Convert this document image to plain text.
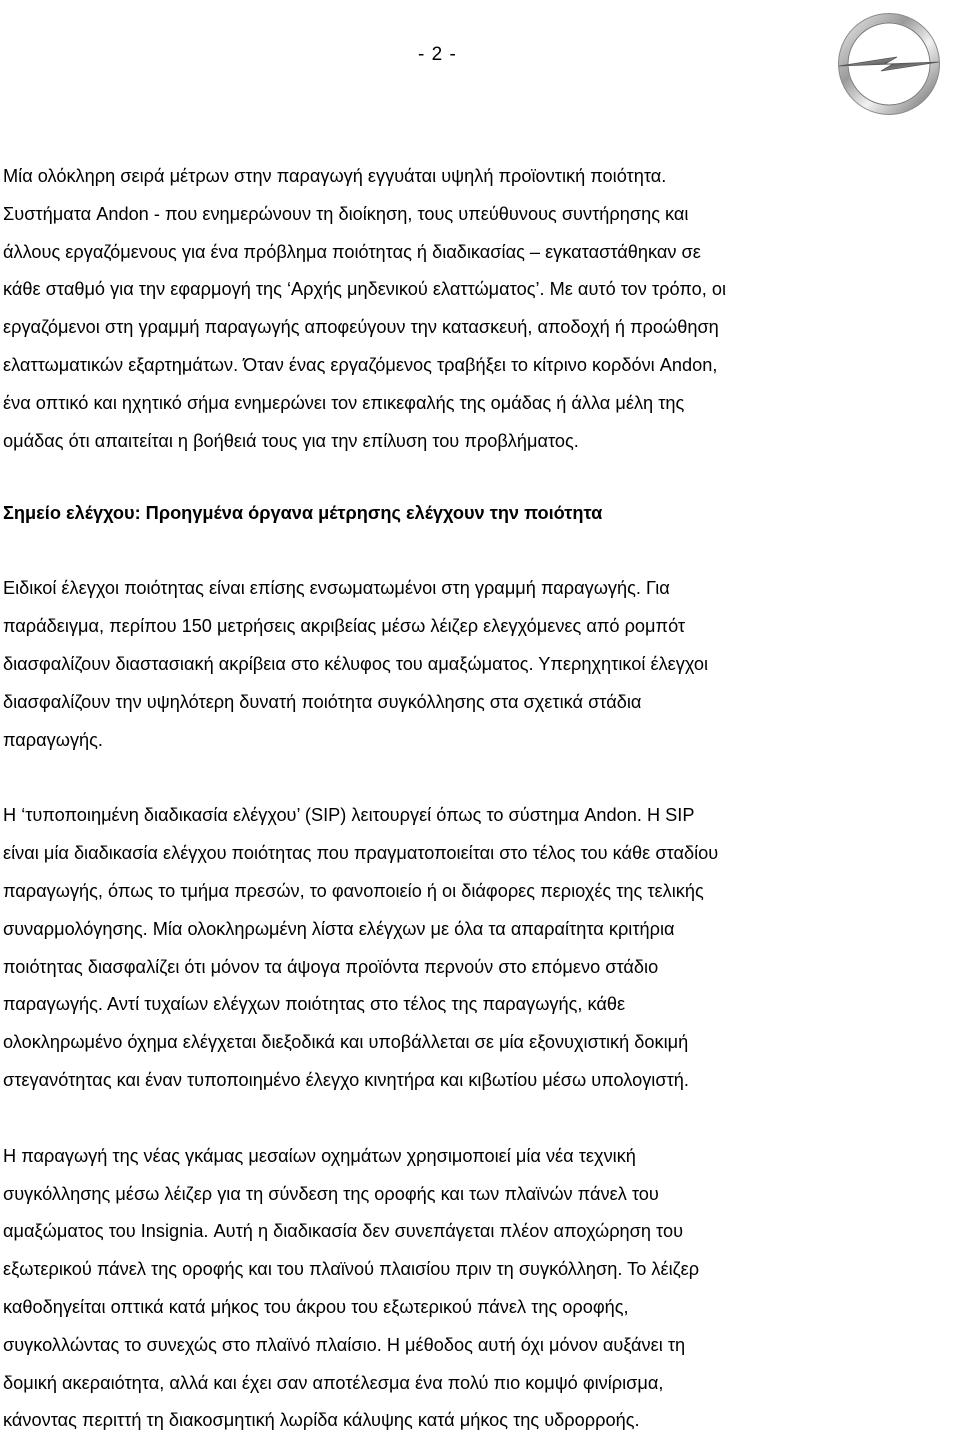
- 2 -
Μία ολόκληρη σειρά μέτρων στην παραγωγή εγγυάται υψηλή προϊοντική ποιότητα.
Συστήματα Andon - που ενημερώνουν τη διοίκηση, τους υπεύθυνους συντήρησης και
άλλους εργαζόμενους για ένα πρόβλημα ποιότητας ή διαδικασίας – εγκαταστάθηκαν σε
κάθε σταθμό για την εφαρμογή της ‘Αρχής μηδενικού ελαττώματος’. Με αυτό τον τρόπο, οι
εργαζόμενοι στη γραμμή παραγωγής αποφεύγουν την κατασκευή, αποδοχή ή προώθηση
ελαττωματικών εξαρτημάτων. Όταν ένας εργαζόμενος τραβήξει το κίτρινο κορδόνι Andon,
ένα οπτικό και ηχητικό σήμα ενημερώνει τον επικεφαλής της ομάδας ή άλλα μέλη της
ομάδας ότι απαιτείται η βοήθειά τους για την επίλυση του προβλήματος.
Σημείο ελέγχου: Προηγμένα όργανα μέτρησης ελέγχουν την ποιότητα
Ειδικοί έλεγχοι ποιότητας είναι επίσης ενσωματωμένοι στη γραμμή παραγωγής. Για
παράδειγμα, περίπου 150 μετρήσεις ακριβείας μέσω λέιζερ ελεγχόμενες από ρομπότ
διασφαλίζουν διαστασιακή ακρίβεια στο κέλυφος του αμαξώματος. Υπερηχητικοί έλεγχοι
διασφαλίζουν την υψηλότερη δυνατή ποιότητα συγκόλλησης στα σχετικά στάδια
παραγωγής.
Η ‘τυποποιημένη διαδικασία ελέγχου’ (SIP) λειτουργεί όπως το σύστημα Andon. Η SIP
είναι μία διαδικασία ελέγχου ποιότητας που πραγματοποιείται στο τέλος του κάθε σταδίου
παραγωγής, όπως το τμήμα πρεσών, το φανοποιείο ή οι διάφορες περιοχές της τελικής
συναρμολόγησης. Μία ολοκληρωμένη λίστα ελέγχων με όλα τα απαραίτητα κριτήρια
ποιότητας διασφαλίζει ότι μόνον τα άψογα προϊόντα περνούν στο επόμενο στάδιο
παραγωγής. Αντί τυχαίων ελέγχων ποιότητας στο τέλος της παραγωγής, κάθε
ολοκληρωμένο όχημα ελέγχεται διεξοδικά και υποβάλλεται σε μία εξονυχιστική δοκιμή
στεγανότητας και έναν τυποποιημένο έλεγχο κινητήρα και κιβωτίου μέσω υπολογιστή.
Η παραγωγή της νέας γκάμας μεσαίων οχημάτων χρησιμοποιεί μία νέα τεχνική
συγκόλλησης μέσω λέιζερ για τη σύνδεση της οροφής και των πλαϊνών πάνελ του
αμαξώματος του Insignia. Αυτή η διαδικασία δεν συνεπάγεται πλέον αποχώρηση του
εξωτερικού πάνελ της οροφής και του πλαϊνού πλαισίου πριν τη συγκόλληση. Το λέιζερ
καθοδηγείται οπτικά κατά μήκος του άκρου του εξωτερικού πάνελ της οροφής,
συγκολλώντας το συνεχώς στο πλαϊνό πλαίσιο. Η μέθοδος αυτή όχι μόνον αυξάνει τη
δομική ακεραιότητα, αλλά και έχει σαν αποτέλεσμα ένα πολύ πιο κομψό φινίρισμα,
κάνοντας περιττή τη διακοσμητική λωρίδα κάλυψης κατά μήκος της υδρορροής.
